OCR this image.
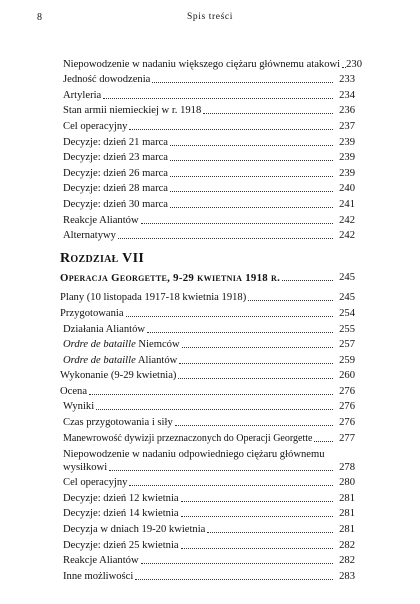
8	Spis treści
Niepowodzenie w nadaniu większego ciężaru głównemu atakowi 230
Jedność dowodzenia	233
Artyleria	234
Stan armii niemieckiej w r. 1918	236
Cel operacyjny	237
Decyzje: dzień 21 marca	239
Decyzje: dzień 23 marca	239
Decyzje: dzień 26 marca	239
Decyzje: dzień 28 marca	240
Decyzje: dzień 30 marca	241
Reakcje Aliantów	242
Alternatywy	242
Rozdział VII
Operacja Georgette, 9-29 kwietnia 1918 r.	245
Plany (10 listopada 1917-18 kwietnia 1918)	245
Przygotowania	254
Działania Aliantów	255
Ordre de bataille Niemców	257
Ordre de bataille Aliantów	259
Wykonanie (9-29 kwietnia)	260
Ocena	276
Wyniki	276
Czas przygotowania i siły	276
Manewrowość dywizji przeznaczonych do Operacji Georgette	277
Niepowodzenie w nadaniu odpowiedniego ciężaru głównemu
wysiłkowi	278
Cel operacyjny	280
Decyzje: dzień 12 kwietnia	281
Decyzje: dzień 14 kwietnia	281
Decyzja w dniach 19-20 kwietnia	281
Decyzje: dzień 25 kwietnia	282
Reakcje Aliantów	282
Inne możliwości	283
